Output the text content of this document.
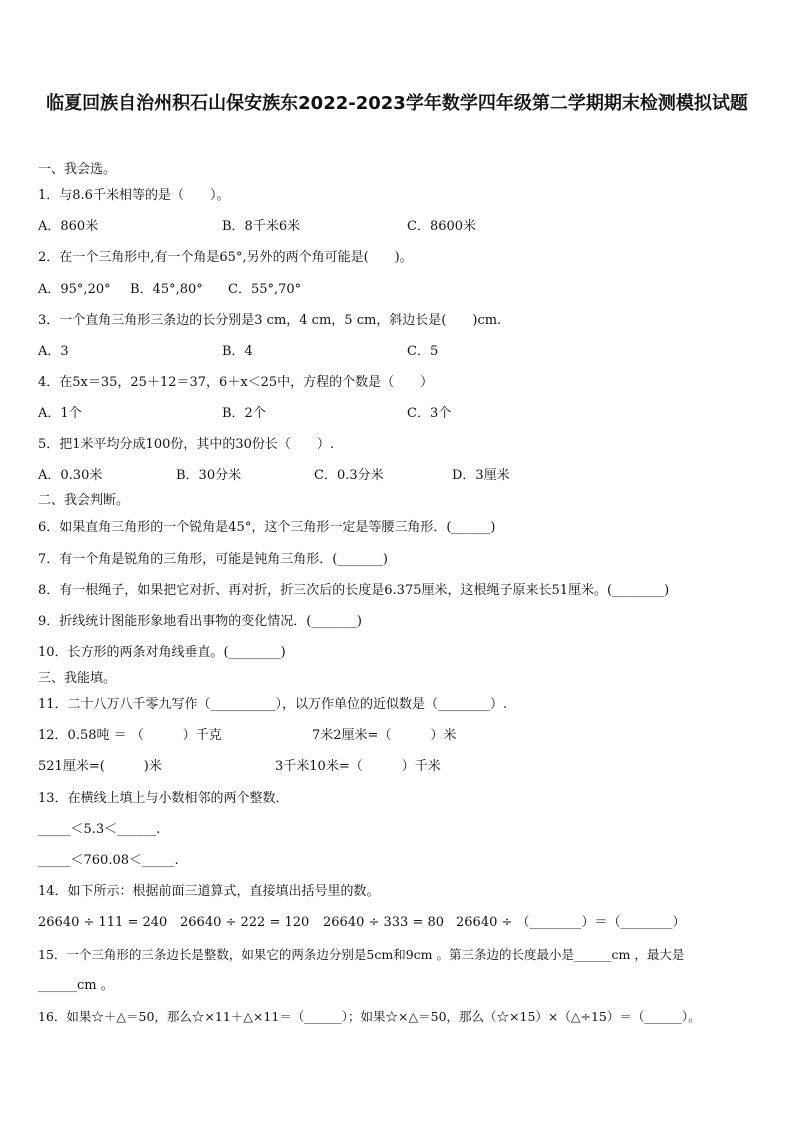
临夏回族自治州积石山保安族东2022-2023学年数学四年级第二学期期末检测模拟试题
一、我会选。
1．与8.6千米相等的是（　　）。
A．860米	B．8千米6米	C．8600米
2．在一个三角形中,有一个角是65°,另外的两个角可能是(　　)。
A．95°,20° B．45°,80° C．55°,70°
3．一个直角三角形三条边的长分别是3 cm，4 cm，5 cm，斜边长是(　　)cm.
A．3	B．4	C．5
4．在5x＝35，25＋12＝37，6＋x＜25中，方程的个数是（　　）
A．1个	B．2个	C．3个
5．把1米平均分成100份，其中的30份长（　　）.
A．0.30米	B．30分米	C．0.3分米	D．3厘米
二、我会判断。
6．如果直角三角形的一个锐角是45°，这个三角形一定是等腰三角形．(______)
7．有一个角是锐角的三角形，可能是钝角三角形．(_______)
8．有一根绳子，如果把它对折、再对折，折三次后的长度是6.375厘米，这根绳子原来长51厘米。(________)
9．折线统计图能形象地看出事物的变化情况．(_______)
10．长方形的两条对角线垂直。(________)
三、我能填。
11．二十八万八千零九写作（__________），以万作单位的近似数是（________）.
12．0.58吨 ＝ （　　　）千克	7米2厘米=（　　　）米
521厘米=(　　　)米	3千米10米=（　　　）千米
13．在横线上填上与小数相邻的两个整数．
_____＜5.3＜______.
_____＜760.08＜_____.
14．如下所示：根据前面三道算式，直接填出括号里的数。
26640 ÷ 111 = 240 26640 ÷ 222 = 120 26640 ÷ 333 = 80 26640 ÷ （________）＝（________）
15．一个三角形的三条边长是整数，如果它的两条边分别是5cm和9cm 。第三条边的长度最小是______cm ，最大是
______cm 。
16．如果☆＋△＝50，那么☆×11＋△×11＝（______）；如果☆×△＝50，那么（☆×15）×（△÷15）＝（______）。
